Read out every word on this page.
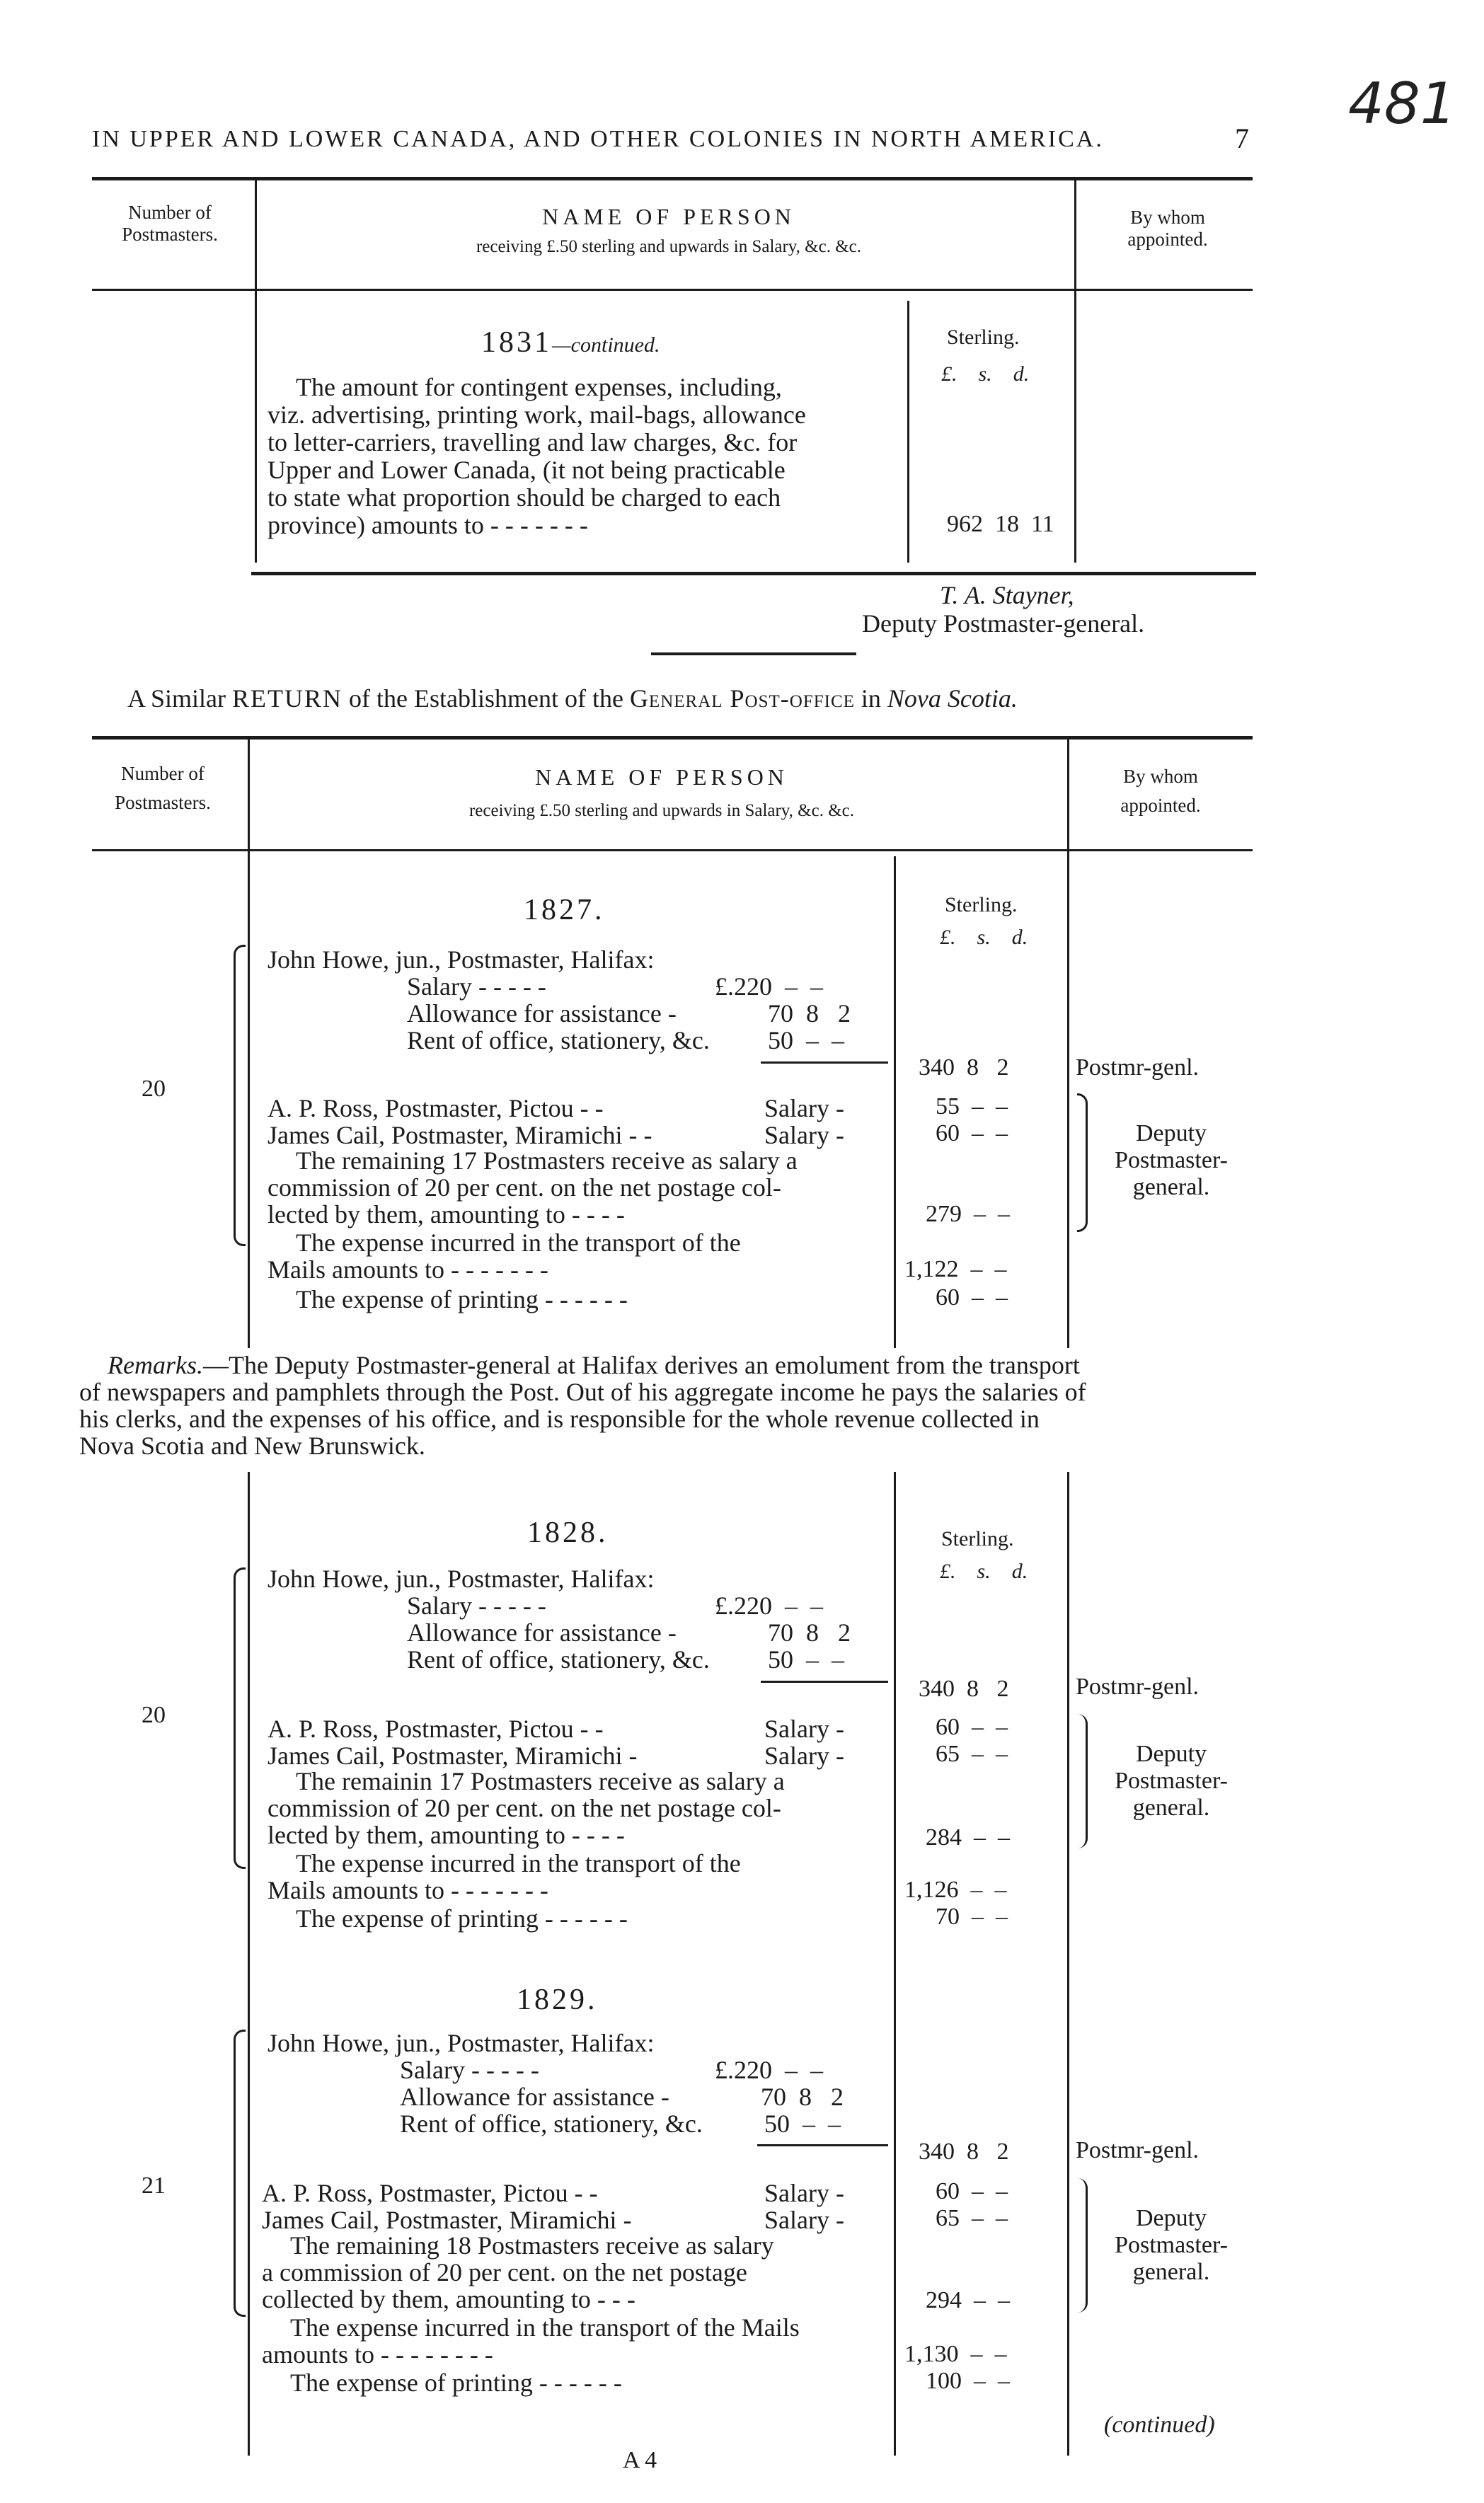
481
IN UPPER AND LOWER CANADA, AND OTHER COLONIES IN NORTH AMERICA.	7
Number of
Postmasters.
NAME OF PERSON
receiving £.50 sterling and upwards in Salary, &c. &c.
By whom
appointed.
1831—continued.	Sterling.
£. s. d.
The amount for contingent expenses, including,
viz. advertising, printing work, mail-bags, allowance
to letter-carriers, travelling and law charges, &c. for
Upper and Lower Canada, (it not being practicable
to state what proportion should be charged to each
province) amounts to - - - - - - -	962 18 11
T. A. Stayner,
Deputy Postmaster-general.
A Similar RETURN of the Establishment of the General Post-office in Nova Scotia.
Number of
Postmasters.
NAME OF PERSON
receiving £.50 sterling and upwards in Salary, &c. &c.
By whom
appointed.
1827.	Sterling.
£. s. d.
20
John Howe, jun., Postmaster, Halifax:
Salary - - - - -	£.220 – –
Allowance for assistance -	70 8 2
Rent of office, stationery, &c. 50 – –
340 8 2	Postmr-genl.
A. P. Ross, Postmaster, Pictou - -	Salary -	55 – –
James Cail, Postmaster, Miramichi - -	Salary -	60 – –
The remaining 17 Postmasters receive as salary a
commission of 20 per cent. on the net postage col-
lected by them, amounting to - - - -	279 – –
The expense incurred in the transport of the
Mails amounts to - - - - - - -	1,122 – –
The expense of printing - - - - - -	60 – –
Deputy
Postmaster-
general.
Remarks.—The Deputy Postmaster-general at Halifax derives an emolument from the transport
of newspapers and pamphlets through the Post. Out of his aggregate income he pays the salaries of
his clerks, and the expenses of his office, and is responsible for the whole revenue collected in
Nova Scotia and New Brunswick.
1828.	Sterling.
£. s. d.
20
John Howe, jun., Postmaster, Halifax:
Salary - - - - -	£.220 – –
Allowance for assistance -	70 8 2
Rent of office, stationery, &c. 50 – –
340 8 2	Postmr-genl.
A. P. Ross, Postmaster, Pictou - -	Salary -	60 – –
James Cail, Postmaster, Miramichi -	Salary -	65 – –
The remainin 17 Postmasters receive as salary a
commission of 20 per cent. on the net postage col-
lected by them, amounting to - - - -	284 – –
The expense incurred in the transport of the
Mails amounts to - - - - - - -	1,126 – –
The expense of printing - - - - - -	70 – –
Deputy
Postmaster-
general.
1829.
21
John Howe, jun., Postmaster, Halifax:
Salary - - - - -	£.220 – –
Allowance for assistance -	70 8 2
Rent of office, stationery, &c. 50 – –
340 8 2	Postmr-genl.
A. P. Ross, Postmaster, Pictou - -	Salary -	60 – –
James Cail, Postmaster, Miramichi -	Salary -	65 – –
The remaining 18 Postmasters receive as salary
a commission of 20 per cent. on the net postage
collected by them, amounting to - - -	294 – –
The expense incurred in the transport of the Mails
amounts to - - - - - - - -	1,130 – –
The expense of printing - - - - - -	100 – –
Deputy
Postmaster-
general.
(continued)
A 4
